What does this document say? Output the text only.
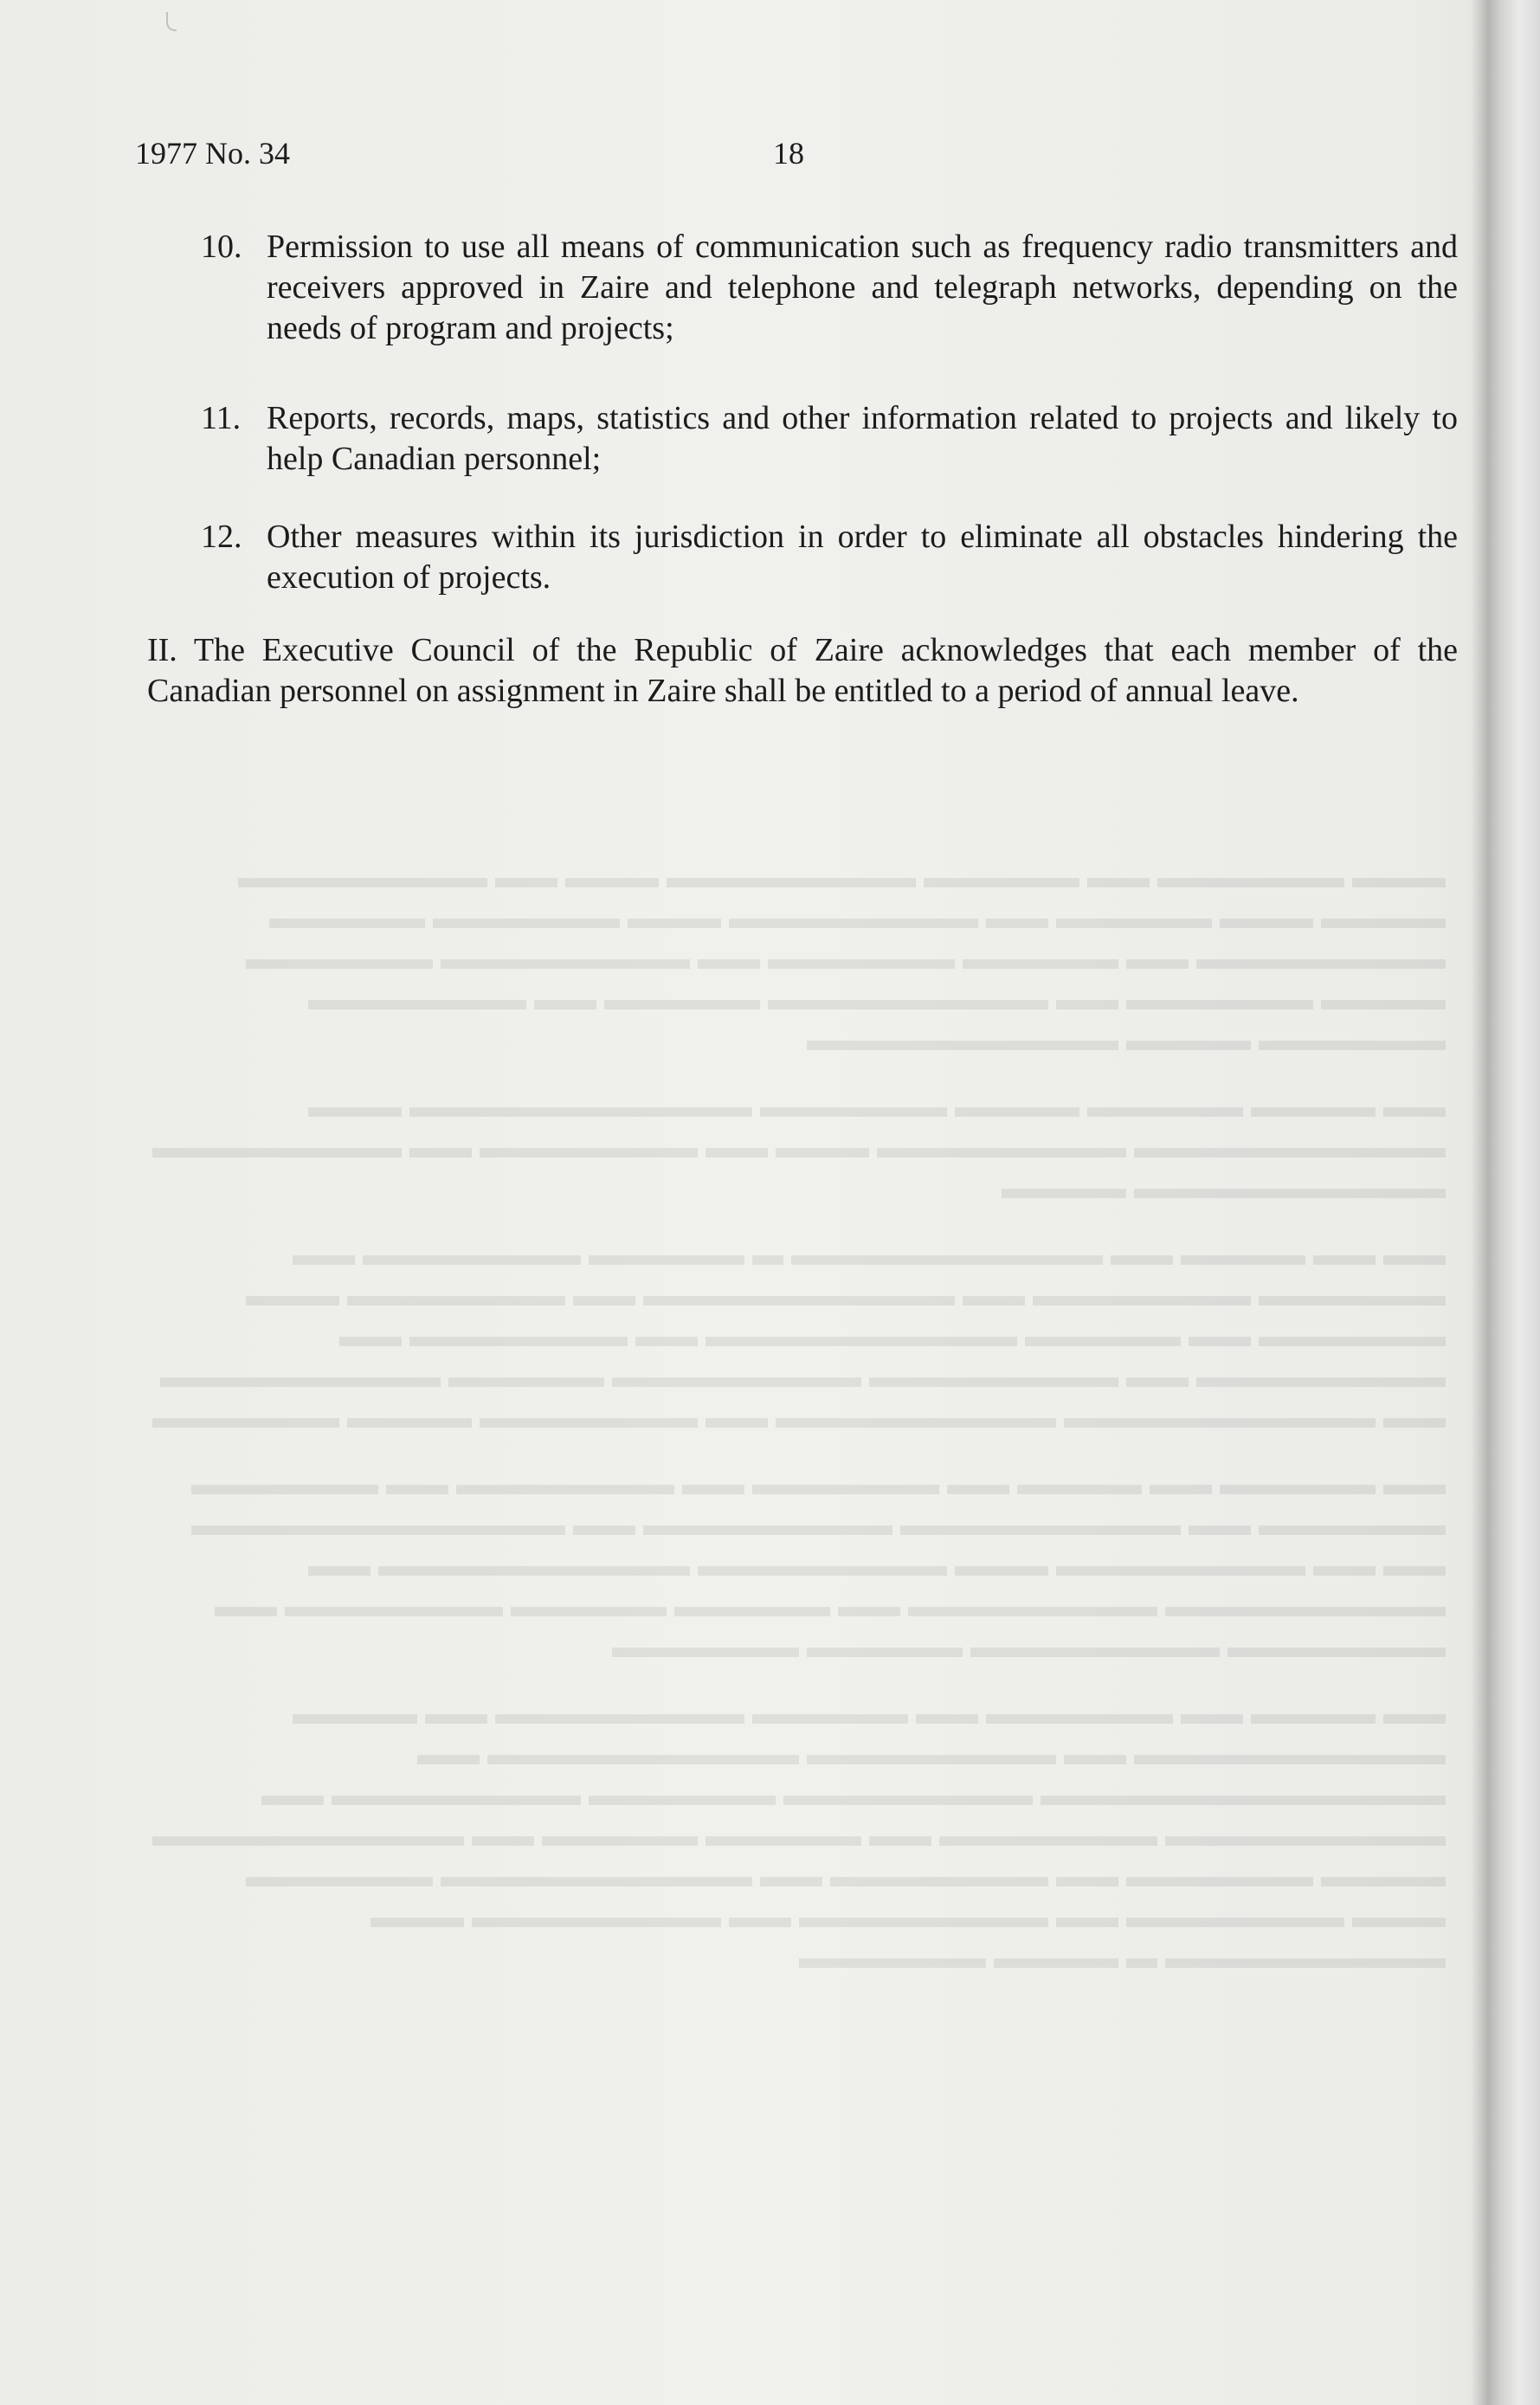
1977 No. 34	18
10. Permission to use all means of communication such as frequency radio transmitters and receivers approved in Zaire and telephone and telegraph networks, depending on the needs of program and projects;
11. Reports, records, maps, statistics and other information related to projects and likely to help Canadian personnel;
12. Other measures within its jurisdiction in order to eliminate all obstacles hindering the execution of projects.
II. The Executive Council of the Republic of Zaire acknowledges that each member of the Canadian personnel on assignment in Zaire shall be entitled to a period of annual leave.

▬▬▬ ▬▬▬▬▬▬ ▬▬ ▬▬▬▬▬ ▬▬▬▬▬▬▬▬ ▬▬▬ ▬▬ ▬▬▬▬▬▬▬▬ ▬▬▬▬ ▬▬▬ ▬▬▬▬▬ ▬▬ ▬▬▬▬▬▬▬▬ ▬▬▬ ▬▬▬▬▬▬ ▬▬▬▬▬ ▬▬▬▬▬▬▬▬ ▬▬ ▬▬▬▬▬ ▬▬▬▬▬▬ ▬▬ ▬▬▬▬▬▬▬▬ ▬▬▬▬▬▬ ▬▬▬▬ ▬▬▬▬▬▬ ▬▬ ▬▬▬▬▬▬▬▬▬ ▬▬▬▬▬ ▬▬ ▬▬▬▬▬▬▬ ▬▬▬▬▬▬ ▬▬▬▬ ▬▬▬▬▬▬▬▬▬▬

▬▬ ▬▬▬▬ ▬▬▬▬▬ ▬▬▬▬ ▬▬▬▬▬▬ ▬▬▬▬▬▬▬▬▬▬▬ ▬▬▬ ▬▬▬▬▬▬▬▬▬▬ ▬▬▬▬▬▬▬▬ ▬▬▬ ▬▬ ▬▬▬▬▬▬▬ ▬▬ ▬▬▬▬▬▬▬▬ ▬▬▬▬▬▬▬▬▬▬ ▬▬▬▬

▬▬ ▬▬ ▬▬▬▬ ▬▬ ▬▬▬▬▬▬▬▬▬▬ ▬ ▬▬▬▬▬ ▬▬▬▬▬▬▬ ▬▬ ▬▬▬▬▬▬ ▬▬▬▬▬▬▬ ▬▬ ▬▬▬▬▬▬▬▬▬▬ ▬▬ ▬▬▬▬▬▬▬ ▬▬▬ ▬▬▬▬▬▬ ▬▬ ▬▬▬▬▬ ▬▬▬▬▬▬▬▬▬▬ ▬▬ ▬▬▬▬▬▬▬ ▬▬ ▬▬▬▬▬▬▬▬ ▬▬ ▬▬▬▬▬▬▬▬ ▬▬▬▬▬▬▬▬ ▬▬▬▬▬ ▬▬▬▬▬▬▬▬▬ ▬▬ ▬▬▬▬▬▬▬▬▬▬ ▬▬▬▬▬▬▬▬▬ ▬▬ ▬▬▬▬▬▬▬ ▬▬▬▬ ▬▬▬▬▬▬

▬▬ ▬▬▬▬▬ ▬▬ ▬▬▬▬ ▬▬ ▬▬▬▬▬▬ ▬▬ ▬▬▬▬▬▬▬ ▬▬ ▬▬▬▬▬▬ ▬▬▬▬▬▬ ▬▬ ▬▬▬▬▬▬▬▬▬ ▬▬▬▬▬▬▬▬ ▬▬ ▬▬▬▬▬▬▬▬▬▬▬▬ ▬▬ ▬▬ ▬▬▬▬▬▬▬▬ ▬▬▬ ▬▬▬▬▬▬▬▬ ▬▬▬▬▬▬▬▬▬▬ ▬▬ ▬▬▬▬▬▬▬▬▬ ▬▬▬▬▬▬▬▬ ▬▬ ▬▬▬▬▬ ▬▬▬▬▬ ▬▬▬▬▬▬▬ ▬▬ ▬▬▬▬▬▬▬ ▬▬▬▬▬▬▬▬ ▬▬▬▬▬ ▬▬▬▬▬▬

▬▬ ▬▬▬▬ ▬▬ ▬▬▬▬▬▬ ▬▬ ▬▬▬▬▬ ▬▬▬▬▬▬▬▬ ▬▬ ▬▬▬▬ ▬▬▬▬▬▬▬▬▬▬ ▬▬ ▬▬▬▬▬▬▬▬ ▬▬▬▬▬▬▬▬▬▬ ▬▬ ▬▬▬▬▬▬▬▬▬▬▬▬▬ ▬▬▬▬▬▬▬▬ ▬▬▬▬▬▬ ▬▬▬▬▬▬▬▬ ▬▬ ▬▬▬▬▬▬▬▬▬ ▬▬▬▬▬▬▬ ▬▬ ▬▬▬▬▬ ▬▬▬▬▬ ▬▬ ▬▬▬▬▬▬▬▬▬▬ ▬▬▬▬ ▬▬▬▬▬▬ ▬▬ ▬▬▬▬▬▬▬ ▬▬ ▬▬▬▬▬▬▬▬▬▬ ▬▬▬▬▬▬ ▬▬▬ ▬▬▬▬▬▬▬ ▬▬ ▬▬▬▬▬▬▬▬ ▬▬ ▬▬▬▬▬▬▬▬ ▬▬▬ ▬▬▬▬▬▬▬▬▬ ▬ ▬▬▬▬ ▬▬▬▬▬▬
